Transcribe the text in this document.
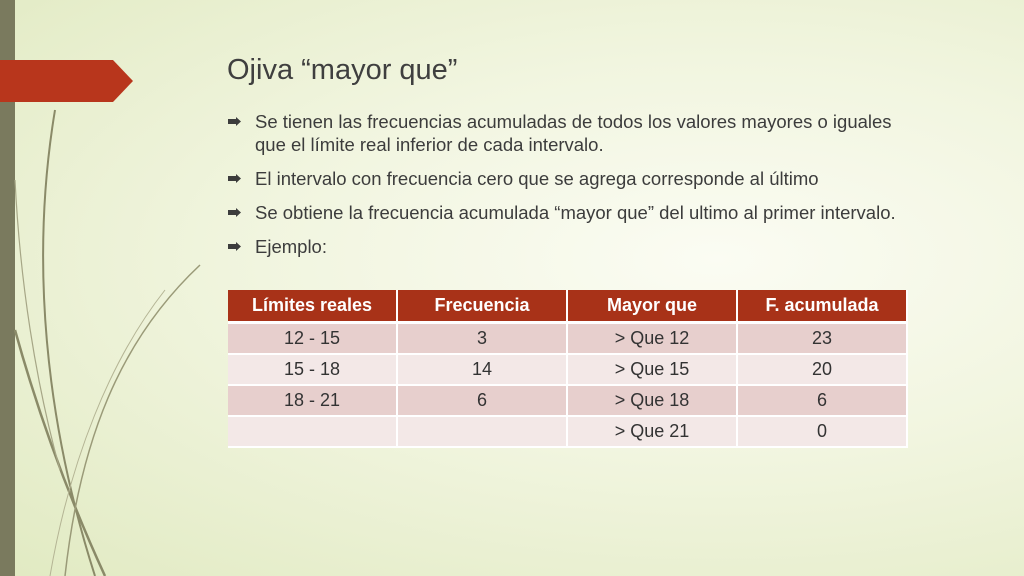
Ojiva “mayor que”
Se tienen las frecuencias acumuladas de todos los valores mayores o iguales que el límite real inferior de cada intervalo.
El intervalo con frecuencia cero que se agrega corresponde al último
Se obtiene la frecuencia acumulada “mayor que” del ultimo al primer intervalo.
Ejemplo:
Límites reales	Frecuencia	Mayor que	F. acumulada
12 - 15	3	> Que 12	23
15 - 18	14	> Que 15	20
18 - 21	6	> Que 18	6
		> Que 21	0
